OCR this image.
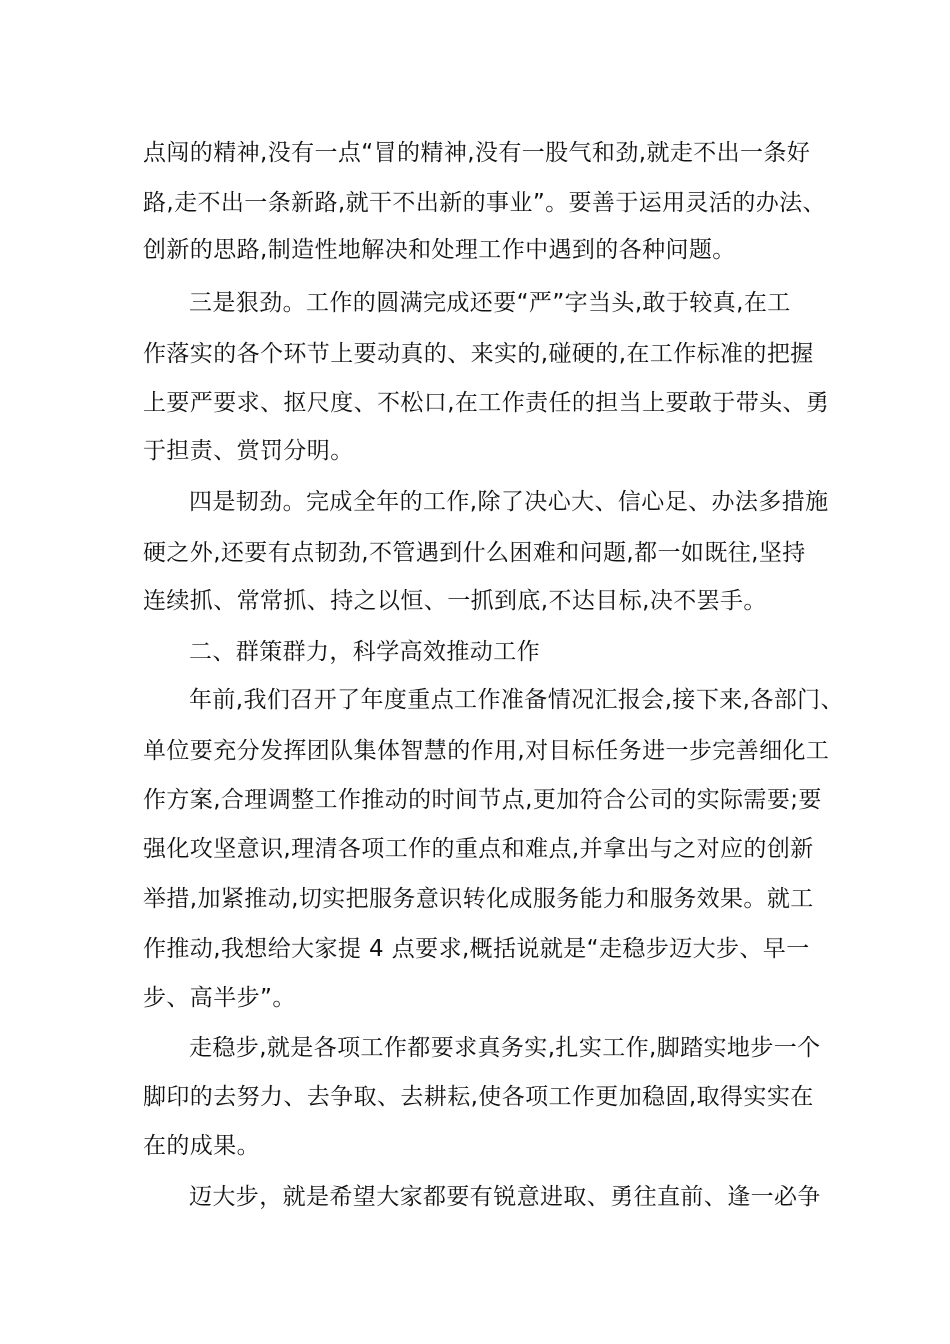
点闯的精神,没有一点“冒的精神,没有一股气和劲,就走不出一条好
路,走不出一条新路,就干不出新的事业”。要善于运用灵活的办法、
创新的思路,制造性地解决和处理工作中遇到的各种问题。
三是狠劲。工作的圆满完成还要“严”字当头,敢于较真,在工
作落实的各个环节上要动真的、来实的,碰硬的,在工作标准的把握
上要严要求、抠尺度、不松口,在工作责任的担当上要敢于带头、勇
于担责、赏罚分明。
四是韧劲。完成全年的工作,除了决心大、信心足、办法多措施
硬之外,还要有点韧劲,不管遇到什么困难和问题,都一如既往,坚持
连续抓、常常抓、持之以恒、一抓到底,不达目标,决不罢手。
二、群策群力，科学高效推动工作
年前,我们召开了年度重点工作准备情况汇报会,接下来,各部门、
单位要充分发挥团队集体智慧的作用,对目标任务进一步完善细化工
作方案,合理调整工作推动的时间节点,更加符合公司的实际需要;要
强化攻坚意识,理清各项工作的重点和难点,并拿出与之对应的创新
举措,加紧推动,切实把服务意识转化成服务能力和服务效果。就工
作推动,我想给大家提 4 点要求,概括说就是“走稳步迈大步、早一
步、高半步”。
走稳步,就是各项工作都要求真务实,扎实工作,脚踏实地步一个
脚印的去努力、去争取、去耕耘,使各项工作更加稳固,取得实实在
在的成果。
迈大步，就是希望大家都要有锐意进取、勇往直前、逢一必争
